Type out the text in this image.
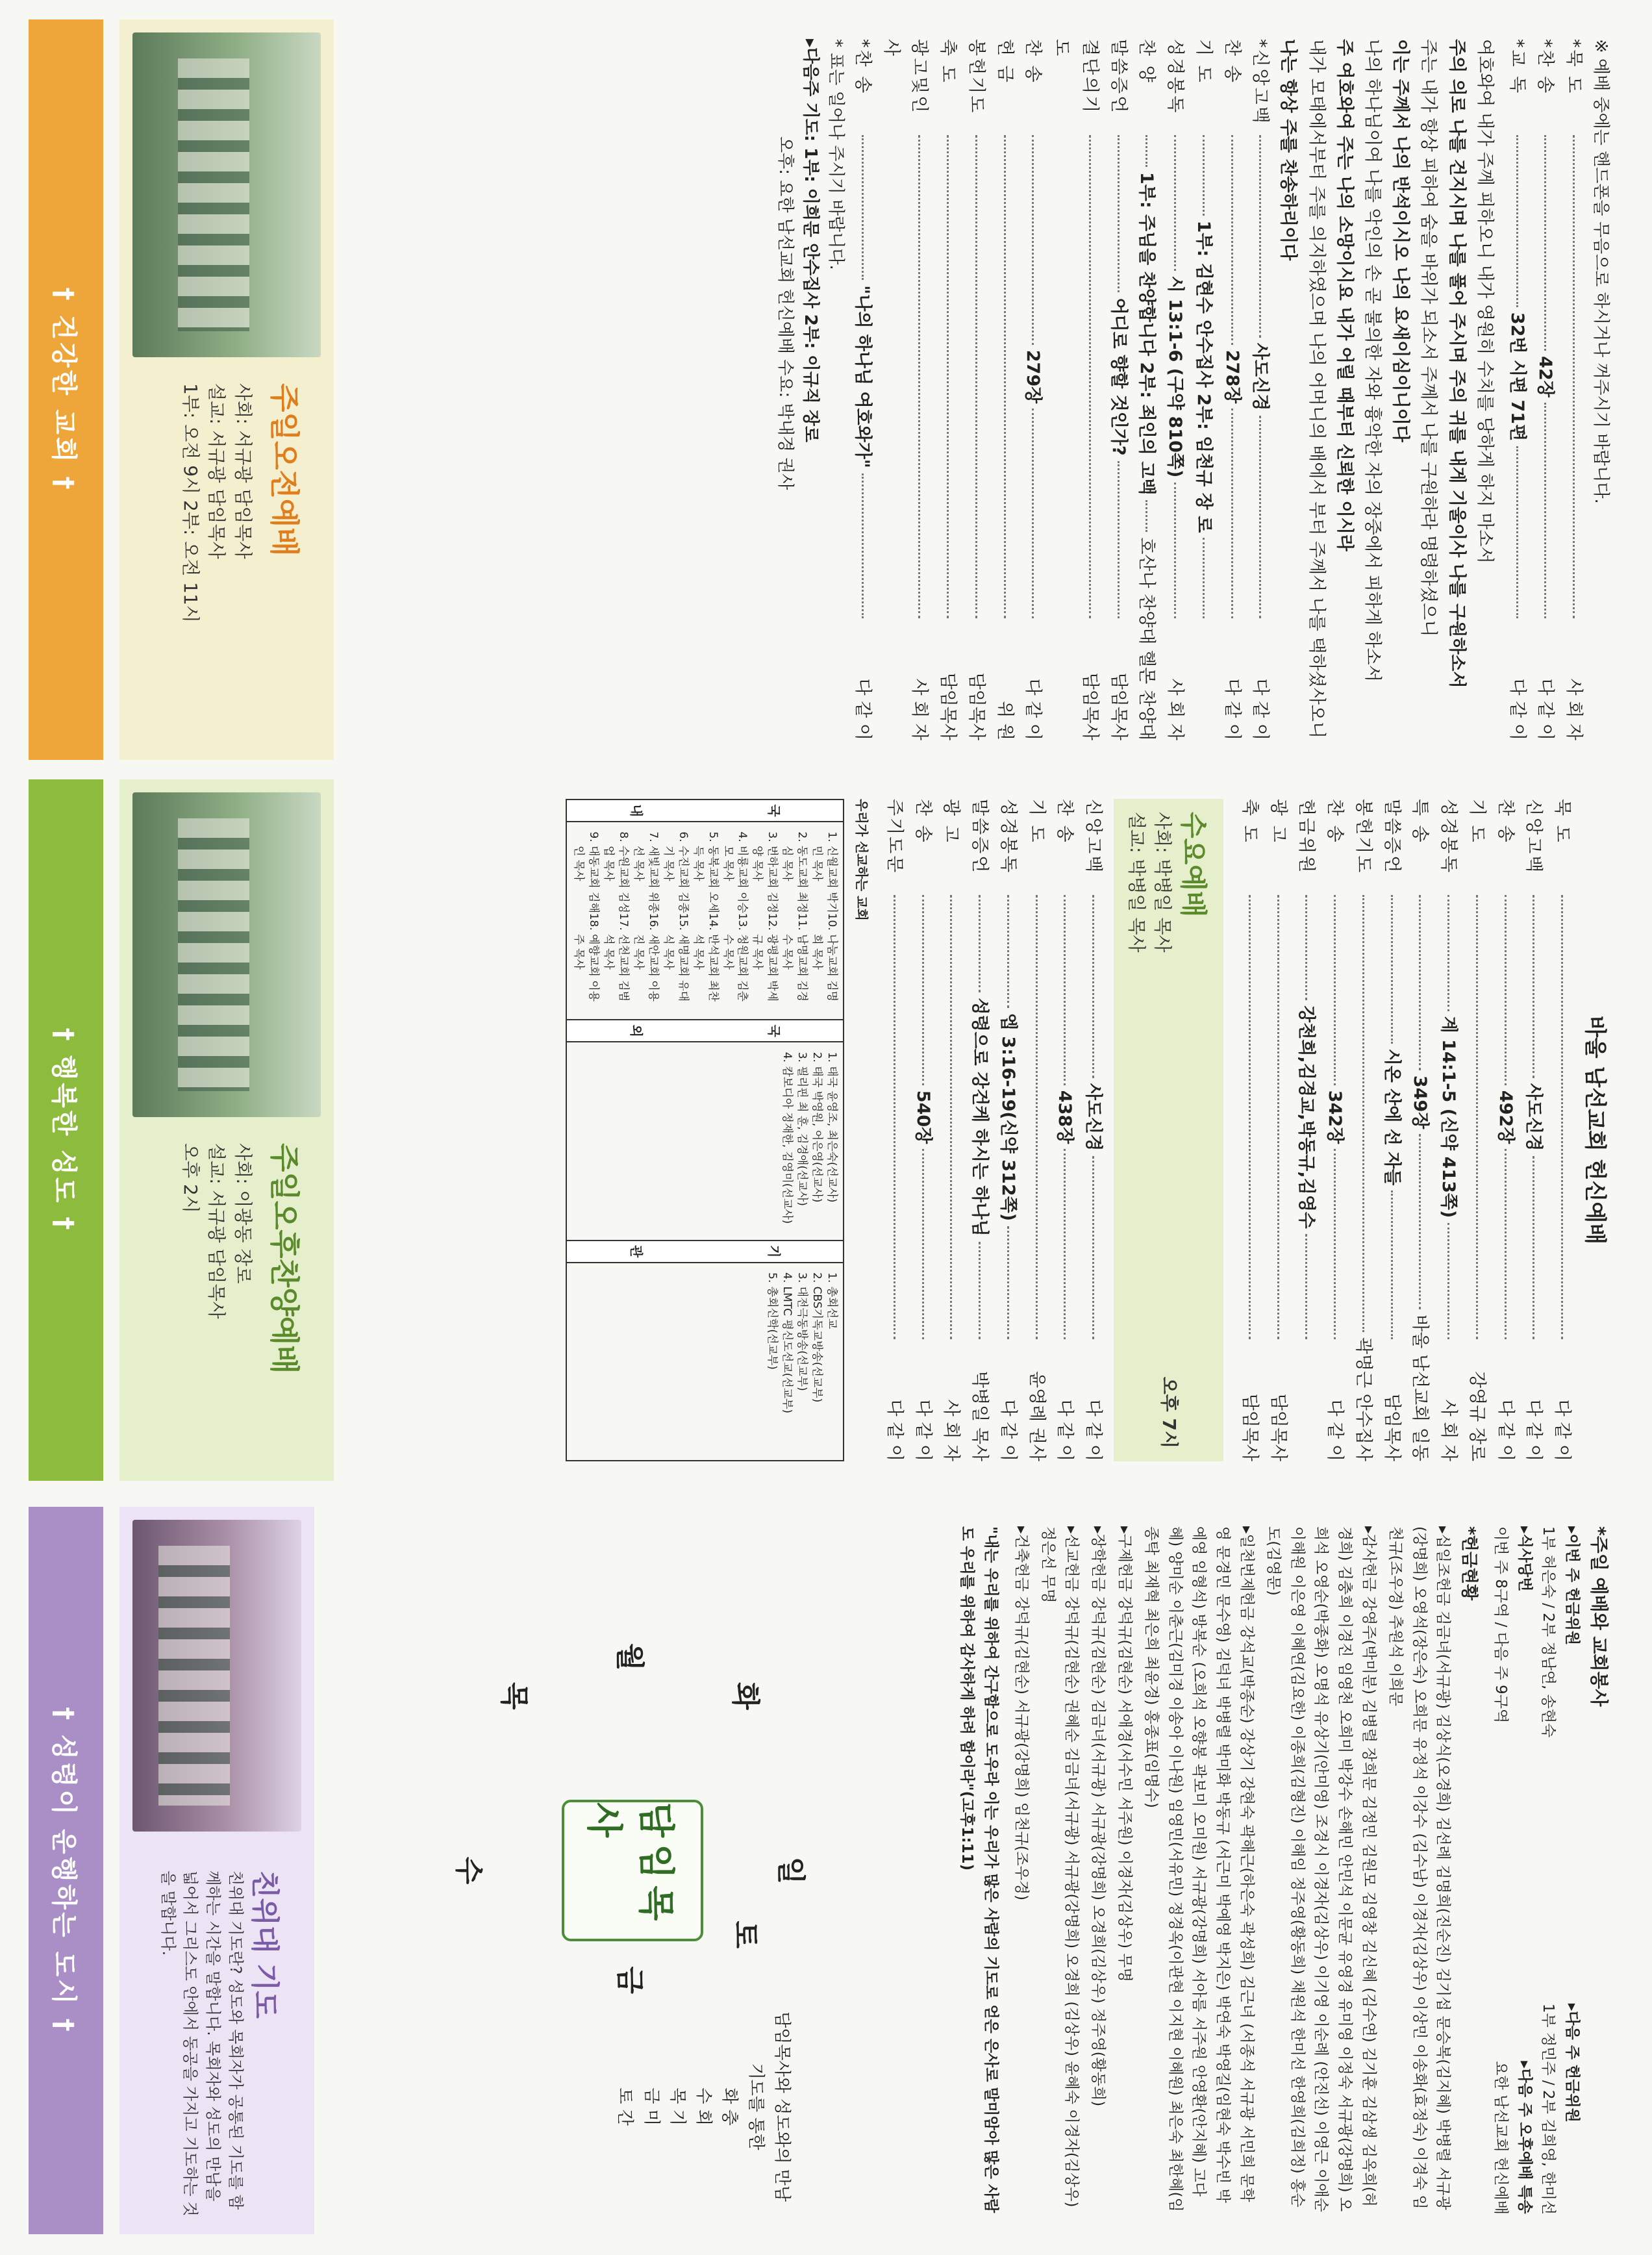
※ 예배 중에는 핸드폰을 무음으로 하시거나 꺼주시기 바랍니다.
*묵 도
사 회 자
*찬 송
42장
다 같 이
*교 독
32번 시편 71편
다 같 이
여호와여 내가 주께 피하오니 내가 영원히 수치를 당하게 하지 마소서
주의 의로 나를 건지시며 나를 풀어 주시며 주의 귀를 내게 기울이사 나를 구원하소서
주는 내가 항상 피하여 숨을 바위가 되소서 주께서 나를 구원하라 명령하셨으니
이는 주께서 나의 반석이시오 나의 요새이심이니이다
나의 하나님이여 나를 악인의 손 곧 불의한 자와 흉악한 자의 장중에서 피하게 하소서
주 여호와여 주는 나의 소망이시요 내가 어릴 때부터 신뢰한 이시라
내가 모태에서부터 주를 의지하였으며 나의 어머니의 배에서 부터 주께서 나를 택하셨사오니
나는 항상 주를 찬송하리이다
*신앙고백
사도신경
다 같 이
찬 송
278장
다 같 이
기 도
1부: 김현수 안수집사 2부: 임천규 장 로
성경봉독
시 13:1-6 (구약 810쪽)
사 회 자
찬 양
1부: 주님을 찬양합니다 2부: 죄인의 고백
호산나 찬양대 헬몬 찬양대
말씀증언
어디로 향할 것인가?
담임목사
결단의기도
담임목사
찬 송
279장
다 같 이
헌 금
위 원
봉헌기도
담임목사
축 도
담임목사
광고및인사
사 회 자
*찬 송
"나의 하나님 여호와가"
다 같 이
* 표는 일어나 주시기 바랍니다.
▸다음주 기도: 1부: 이희문 안수집사 2부: 이규직 장로
오후: 요한 남선교회 헌신예배 수요: 박내경 권사
주일오전예배
사회: 서규광 담임목사
설교: 서규광 담임목사
1부: 오전 9시 2부: 오전 11시
† 건강한 교회 †
바울 남선교회 헌신예배
묵 도
다 같 이
신앙고백
사도신경
다 같 이
찬 송
492장
다 같 이
기 도
강영규 장로
성경봉독
계 14:1-5 (신약 413쪽)
사 회 자
특 송
349장
바울 남선교회 일동
말씀증언
시온 산에 선 자들
담임목사
봉헌기도
곽명근 안수집사
찬 송
342장
다 같 이
헌금위원
강천희,김경교,박동규,김영수
광 고
담임목사
축 도
담임목사
수요예배
사회: 박병일 목사
설교: 박병일 목사
오후 7시
신앙고백
사도신경
다 같 이
찬 송
438장
다 같 이
기 도
윤영례 권사
성경봉독
엡 3:16-19(신약 312쪽)
다 같 이
말씀증언
성령으로 강건케 하시는 하나님
박병일 목사
광 고
사 회 자
찬 송
540장
다 같 이
주기도문
다 같 이
우리가 선교하는 교회
국
내
1. 신월교회 박기민 목사
2. 동도교회 최정심 목사
3. 번하교회 김정양 목사
4. 비룡교회 이승모 목사
5. 동복교회 오세득 목사
6. 수진교회 김종기 목사
7. 새빛교회 위종선 목사
8. 수원교회 김성업 목사
9. 대동교회 김해인 목사
10. 나눔교회 김명희 목사
11. 남명교회 김경수 목사
12. 광평교회 박세규 목사
13. 청원교회 김춘수 목사
14. 반석교회 최찬석 목사
15. 새명교회 유대식 목사
16. 새안교회 이용진 목사
17. 선천교회 김범석 목사
18. 예향교회 이용주 목사
국
외
1. 태국 윤영조, 최은숙(선교사)
2. 태국 박영원, 어은영(선교사)
3. 필리핀 최 훈, 김경애(선교사)
4. 캄보디아 정재한, 김영미(선교사)
기
관
1. 총회선교
2. CBS기독교방송(선교부)
3. 대전극동방송(선교부)
4. LMTC 평신도선교(선교부)
5. 총회신학(선교부)
주일오후찬양예배
사회: 이광동 장로
설교: 서규광 담임목사
오후 2시
† 행복한 성도 †
*주일 예배와 교회봉사
▸이번 주 헌금위원
1부 허은숙 / 2부 정남연, 송현숙
▸다음 주 헌금위원
1부 정민주 / 2부 김희영, 한미선
▸식사당번
이번 주 8구역 / 다음 주 9구역
▸다음 주 오후예배 특송
요한 남선교회 헌신예배
*헌금현황

▸십일조헌금 김금녀(서규광) 김상식(오경희) 김선례 김명희(진순진) 김기섭 문승복(김지혜) 박병렬 서규광(강명희) 오영석(장은숙) 오희문 유정석 이강수 (김수남) 이경자(김상우) 이상민 이송화(효정숙) 이경숙 임천규(조우경) 추원석 이희문

▸감사헌금 강영주(박미분) 김병렬 장희문 김정민 김원모 김영창 김신혜 (김수연) 김기훈 김삼생 김옥희(허경희) 김충희 이경진 임영천 오희미 박강수 손해민 안민석 이문균 유영경 유미영 이정숙 서규광(강명희) 오희석 오영순(박종화) 오명석 유상기(안미영) 조경시 이경자(김상우) 이기영 이순례 (안진선) 이영근 이애순 이해원 이은영 이혜연(김요한) 이종희(김형진) 이해임 정주영(황동희) 채원석 한미선 한영희(김희정) 홍순도(김영문)

▸일천번제헌금 강석교(박종순) 강상기 강현숙 곽해근(하은숙 곽성희) 김근녀 (서종석 서규광 서민희 문학영 문경민 문수영) 김덕녀 박병렬 박미화 박동규 (서근미 박예영 박지은) 박연숙 박영길(임현숙 박수빈 박예영 임형석) 방복순 (오희석 오향봉 곽보미 오미원) 서규광(강명희) 서아름 서주원 안영환(안지혜) 고다혜) 양미순 이춘근(김미경 이송아 이나원) 임영민(서유민) 정경옥(이관현 이지현 이혜원) 최은숙 최한혜(임종탁 최재혁 최은희 최윤경) 홍종표(임명수)

▸구제헌금 강덕규(김현순) 서애경(서수민 서주원) 이경자(김상우) 무명

▸장학헌금 강덕규(김현순) 김금녀(서규광) 서규광(강명희) 오경희(김상우) 정주영(황동희)

▸선교헌금 강덕규(김현순) 권혜순 김금녀(서규광) 서규광(강명희) 오경희 (김상우) 윤혜숙 이경자(김상우) 정은선 무명

▸건축헌금 강덕규(김현순) 서규광(강명희) 임천규(조우경)

"내는 우리를 위하여 간구함으로 도우라 이는 우리가 많은 사람의 기도로 얻은 은사로 말미암아 많은 사람도 우리를 위하여 감사하게 하려 함이라"(고후1:11)
담임목사
일
수
월
금
화
토
목
담임목사와 성도와의 만남
기도를 통한
화 충
수 회
목 기
금 미
토 간
친위대 기도
친위대 기도란? 성도와 목회자가 공통된 기도를 함께하는 시간을 말합니다. 목회자와 성도의 만남을 넓어서 그리스도 안에서 동공을 가지고 기도하는 것을 말합니다.
† 성령이 운행하는 도시 †
